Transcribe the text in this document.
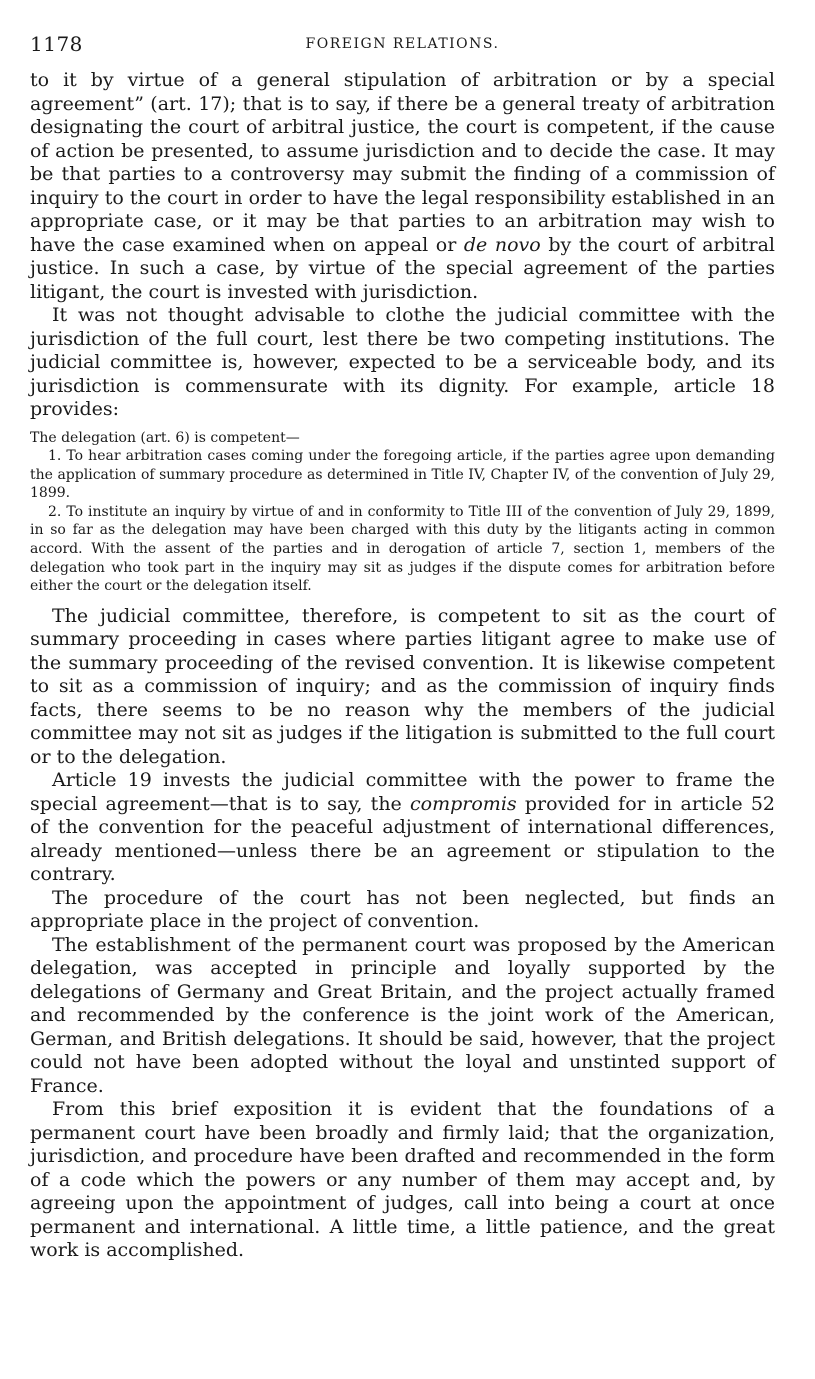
1178	FOREIGN RELATIONS.

to it by virtue of a general stipulation of arbitration or by a special agreement” (art. 17); that is to say, if there be a general treaty of arbitration designating the court of arbitral justice, the court is competent, if the cause of action be presented, to assume jurisdiction and to decide the case. It may be that parties to a controversy may submit the finding of a commission of inquiry to the court in order to have the legal responsibility established in an appropriate case, or it may be that parties to an arbitration may wish to have the case examined when on appeal or de novo by the court of arbitral justice. In such a case, by virtue of the special agreement of the parties litigant, the court is invested with jurisdiction.

It was not thought advisable to clothe the judicial committee with the jurisdiction of the full court, lest there be two competing institutions. The judicial committee is, however, expected to be a serviceable body, and its jurisdiction is commensurate with its dignity. For example, article 18 provides:

The delegation (art. 6) is competent—

1. To hear arbitration cases coming under the foregoing article, if the parties agree upon demanding the application of summary procedure as determined in Title IV, Chapter IV, of the convention of July 29, 1899.

2. To institute an inquiry by virtue of and in conformity to Title III of the convention of July 29, 1899, in so far as the delegation may have been charged with this duty by the litigants acting in common accord. With the assent of the parties and in derogation of article 7, section 1, members of the delegation who took part in the inquiry may sit as judges if the dispute comes for arbitration before either the court or the delegation itself.

The judicial committee, therefore, is competent to sit as the court of summary proceeding in cases where parties litigant agree to make use of the summary proceeding of the revised convention. It is likewise competent to sit as a commission of inquiry; and as the commission of inquiry finds facts, there seems to be no reason why the members of the judicial committee may not sit as judges if the litigation is submitted to the full court or to the delegation.

Article 19 invests the judicial committee with the power to frame the special agreement—that is to say, the compromis provided for in article 52 of the convention for the peaceful adjustment of international differences, already mentioned—unless there be an agreement or stipulation to the contrary.

The procedure of the court has not been neglected, but finds an appropriate place in the project of convention.

The establishment of the permanent court was proposed by the American delegation, was accepted in principle and loyally supported by the delegations of Germany and Great Britain, and the project actually framed and recommended by the conference is the joint work of the American, German, and British delegations. It should be said, however, that the project could not have been adopted without the loyal and unstinted support of France.

From this brief exposition it is evident that the foundations of a permanent court have been broadly and firmly laid; that the organization, jurisdiction, and procedure have been drafted and recommended in the form of a code which the powers or any number of them may accept and, by agreeing upon the appointment of judges, call into being a court at once permanent and international. A little time, a little patience, and the great work is accomplished.
